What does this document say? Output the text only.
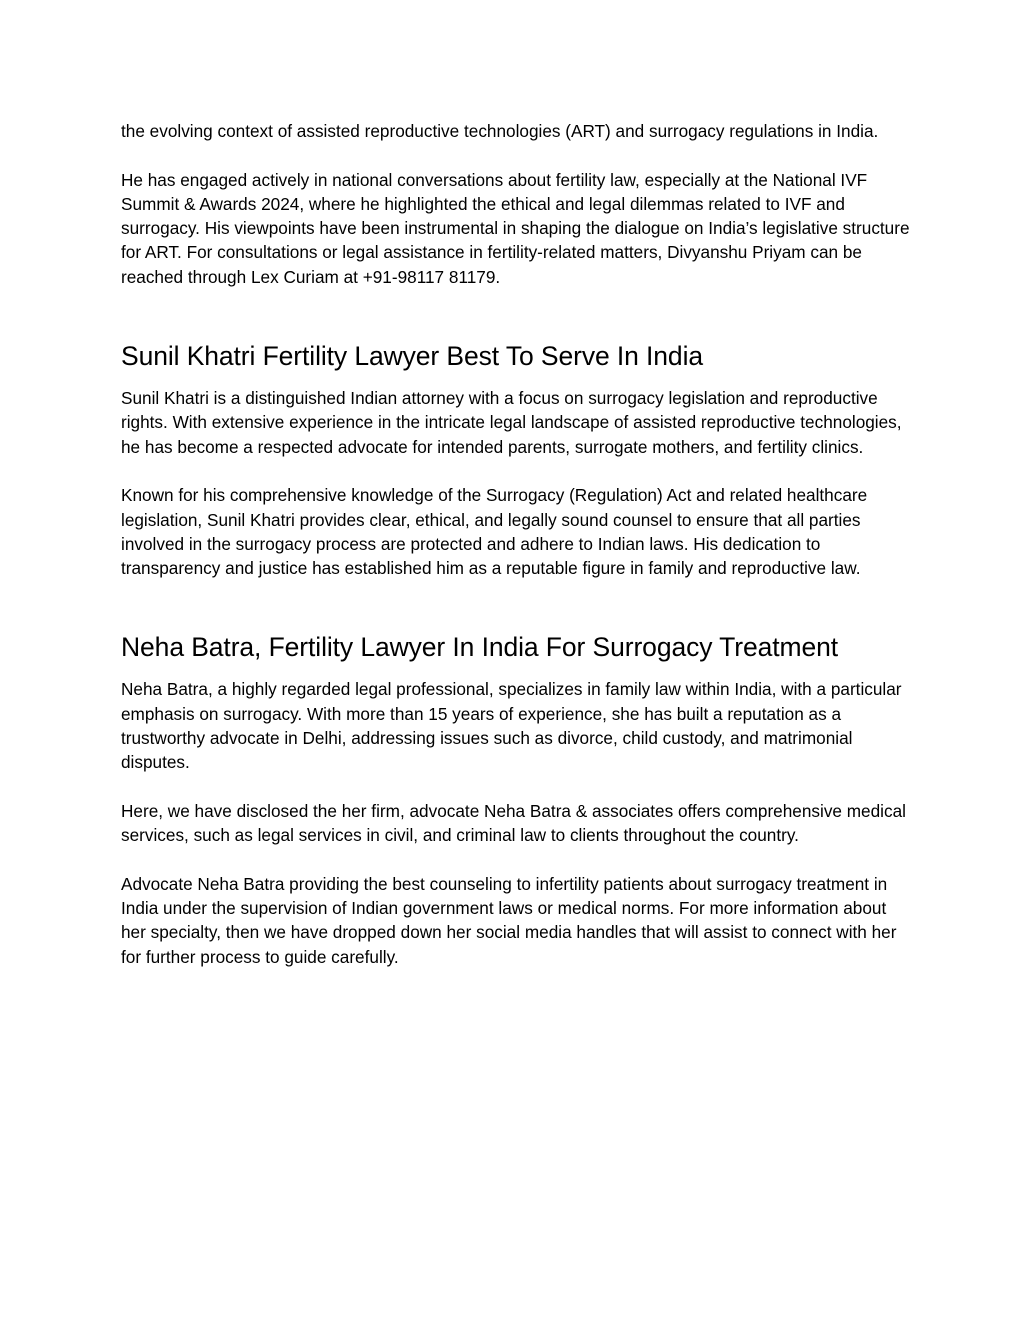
the evolving context of assisted reproductive technologies (ART) and surrogacy regulations in India.

He has engaged actively in national conversations about fertility law, especially at the National IVF Summit & Awards 2024, where he highlighted the ethical and legal dilemmas related to IVF and surrogacy. His viewpoints have been instrumental in shaping the dialogue on India’s legislative structure for ART. For consultations or legal assistance in fertility-related matters, Divyanshu Priyam can be reached through Lex Curiam at +91-98117 81179.

Sunil Khatri Fertility Lawyer Best To Serve In India

Sunil Khatri is a distinguished Indian attorney with a focus on surrogacy legislation and reproductive rights. With extensive experience in the intricate legal landscape of assisted reproductive technologies, he has become a respected advocate for intended parents, surrogate mothers, and fertility clinics.

Known for his comprehensive knowledge of the Surrogacy (Regulation) Act and related healthcare legislation, Sunil Khatri provides clear, ethical, and legally sound counsel to ensure that all parties involved in the surrogacy process are protected and adhere to Indian laws. His dedication to transparency and justice has established him as a reputable figure in family and reproductive law.

Neha Batra, Fertility Lawyer In India For Surrogacy Treatment

Neha Batra, a highly regarded legal professional, specializes in family law within India, with a particular emphasis on surrogacy. With more than 15 years of experience, she has built a reputation as a trustworthy advocate in Delhi, addressing issues such as divorce, child custody, and matrimonial disputes.

Here, we have disclosed the her firm, advocate Neha Batra & associates offers comprehensive medical services, such as legal services in civil, and criminal law to clients throughout the country.

Advocate Neha Batra providing the best counseling to infertility patients about surrogacy treatment in India under the supervision of Indian government laws or medical norms. For more information about her specialty, then we have dropped down her social media handles that will assist to connect with her for further process to guide carefully.
